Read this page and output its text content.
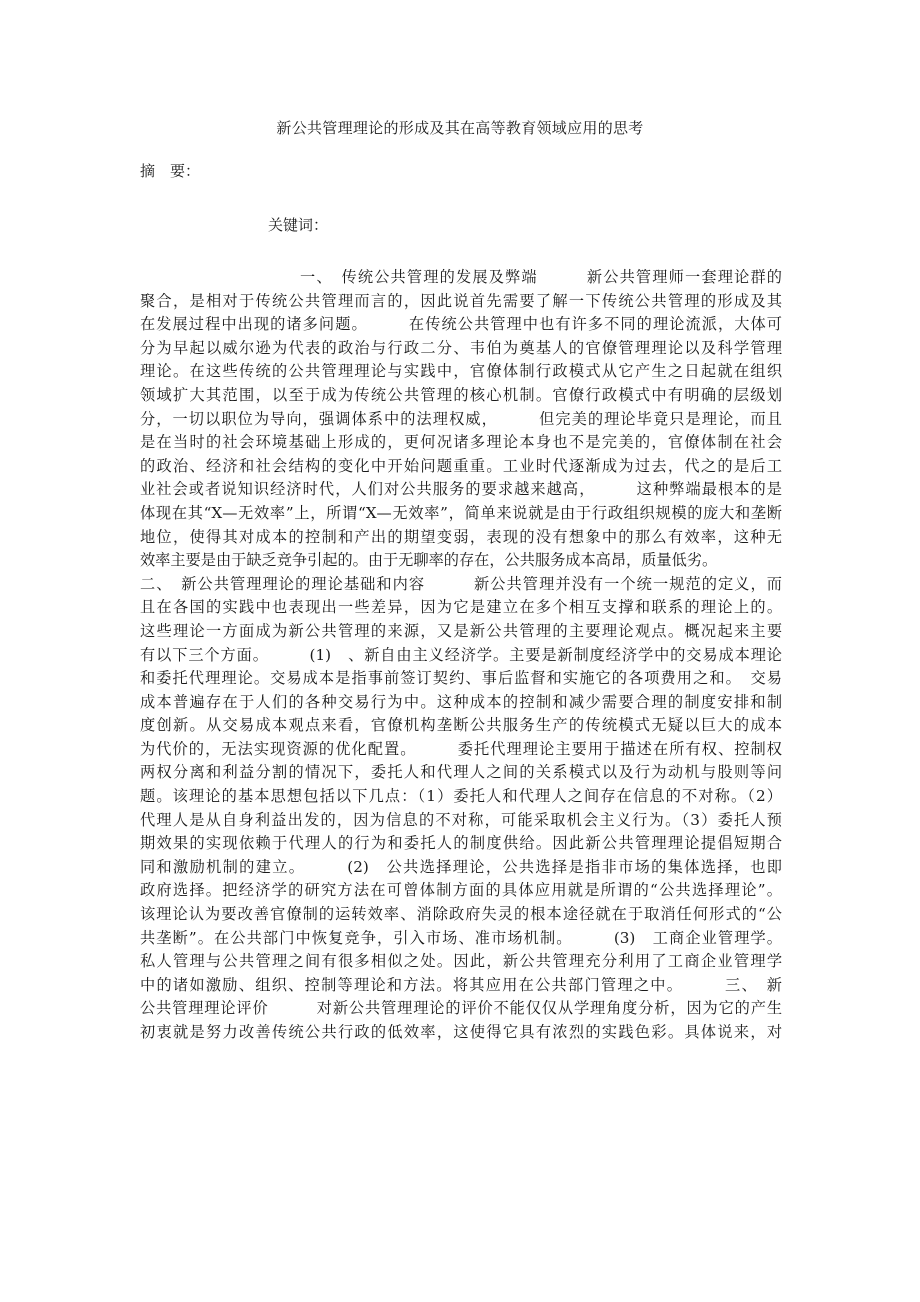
新公共管理理论的形成及其在高等教育领域应用的思考
摘　要：
关键词：
一、　传统公共管理的发展及弊端　　　新公共管理师一套理论群的
聚合，是相对于传统公共管理而言的，因此说首先需要了解一下传统公共管理的形成及其
在发展过程中出现的诸多问题。　　　在传统公共管理中也有许多不同的理论流派，大体可
分为早起以威尔逊为代表的政治与行政二分、韦伯为奠基人的官僚管理理论以及科学管理
理论。在这些传统的公共管理理论与实践中，官僚体制行政模式从它产生之日起就在组织
领域扩大其范围，以至于成为传统公共管理的核心机制。官僚行政模式中有明确的层级划
分，一切以职位为导向，强调体系中的法理权威，　　　但完美的理论毕竟只是理论，而且
是在当时的社会环境基础上形成的，更何况诸多理论本身也不是完美的，官僚体制在社会
的政治、经济和社会结构的变化中开始问题重重。工业时代逐渐成为过去，代之的是后工
业社会或者说知识经济时代，人们对公共服务的要求越来越高，　　　这种弊端最根本的是
体现在其“X—无效率”上，所谓“X—无效率”，简单来说就是由于行政组织规模的庞大和垄断
地位，使得其对成本的控制和产出的期望变弱，表现的没有想象中的那么有效率，这种无
效率主要是由于缺乏竞争引起的。由于无聊率的存在，公共服务成本高昂，质量低劣。
二、　新公共管理理论的理论基础和内容　　　新公共管理并没有一个统一规范的定义，而
且在各国的实践中也表现出一些差异，因为它是建立在多个相互支撑和联系的理论上的。
这些理论一方面成为新公共管理的来源，又是新公共管理的主要理论观点。概况起来主要
有以下三个方面。　　　(1)　、新自由主义经济学。主要是新制度经济学中的交易成本理论
和委托代理理论。交易成本是指事前签订契约、事后监督和实施它的各项费用之和。　交易
成本普遍存在于人们的各种交易行为中。这种成本的控制和减少需要合理的制度安排和制
度创新。从交易成本观点来看，官僚机构垄断公共服务生产的传统模式无疑以巨大的成本
为代价的，无法实现资源的优化配置。　　　委托代理理论主要用于描述在所有权、控制权
两权分离和利益分割的情况下，委托人和代理人之间的关系模式以及行为动机与股则等问
题。该理论的基本思想包括以下几点：（1）委托人和代理人之间存在信息的不对称。（2）
代理人是从自身利益出发的，因为信息的不对称，可能采取机会主义行为。（3）委托人预
期效果的实现依赖于代理人的行为和委托人的制度供给。因此新公共管理理论提倡短期合
同和激励机制的建立。　　　(2)　公共选择理论，公共选择是指非市场的集体选择，也即
政府选择。把经济学的研究方法在可曾体制方面的具体应用就是所谓的“公共选择理论”。
该理论认为要改善官僚制的运转效率、消除政府失灵的根本途径就在于取消任何形式的“公
共垄断”。在公共部门中恢复竞争，引入市场、准市场机制。　　　(3)　工商企业管理学。
私人管理与公共管理之间有很多相似之处。因此，新公共管理充分利用了工商企业管理学
中的诸如激励、组织、控制等理论和方法。将其应用在公共部门管理之中。　　　三、　新
公共管理理论评价　　　对新公共管理理论的评价不能仅仅从学理角度分析，因为它的产生
初衷就是努力改善传统公共行政的低效率，这使得它具有浓烈的实践色彩。具体说来，对
